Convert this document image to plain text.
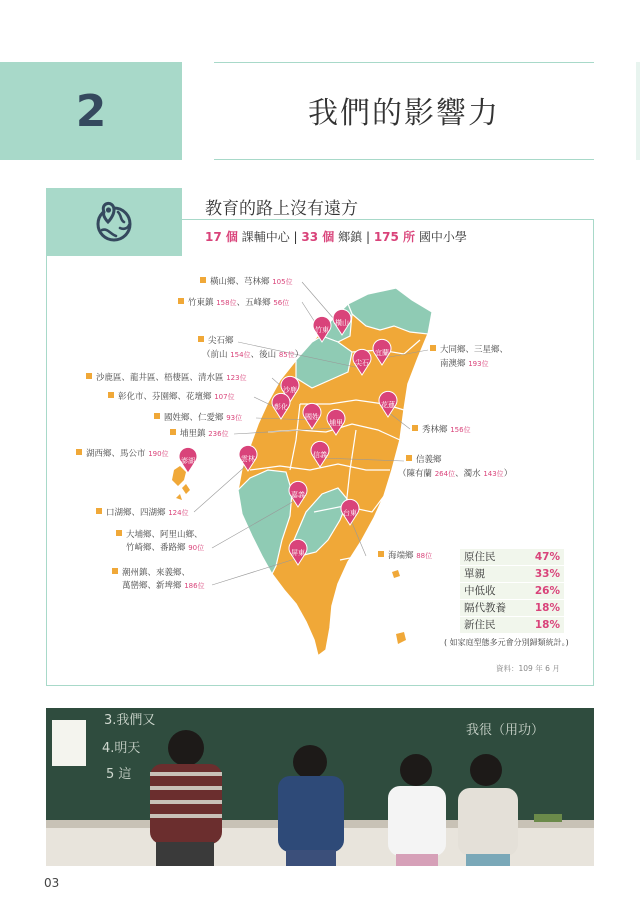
2	我們的影響力
教育的路上沒有遠方
17 個 課輔中心 | 33 個 鄉鎮 | 175 所 國中小學
竹東
橫山
宜蘭
尖石
沙鹿
彰化
國姓
埔里
花蓮
澎湖	雲林	信義
嘉義
台東
屏東
橫山鄉、芎林鄉 105位
竹東鎮 158位、五峰鄉 56位
尖石鄉
（前山 154位、後山 85位）	大同鄉、三星鄉、
南澳鄉 193位
沙鹿區、龍井區、梧棲區、清水區 123位
彰化市、芬園鄉、花壇鄉 107位
國姓鄉、仁愛鄉 93位
埔里鎮 236位	秀林鄉 156位
湖西鄉、馬公市 190位
信義鄉
（陳有蘭 264位、濁水 143位）
口湖鄉、四湖鄉 124位
大埔鄉、阿里山鄉、
竹崎鄉、番路鄉 90位
海端鄉 88位
潮州鎮、來義鄉、
萬巒鄉、新埤鄉 186位
原住民	47%
單親	33%
中低收	26%
隔代教養	18%
新住民	18%
( 如家庭型態多元會分別歸類統計。)
資料：109 年 6 月
3.我們又
4.明天
5 這
我很（用功）
03
